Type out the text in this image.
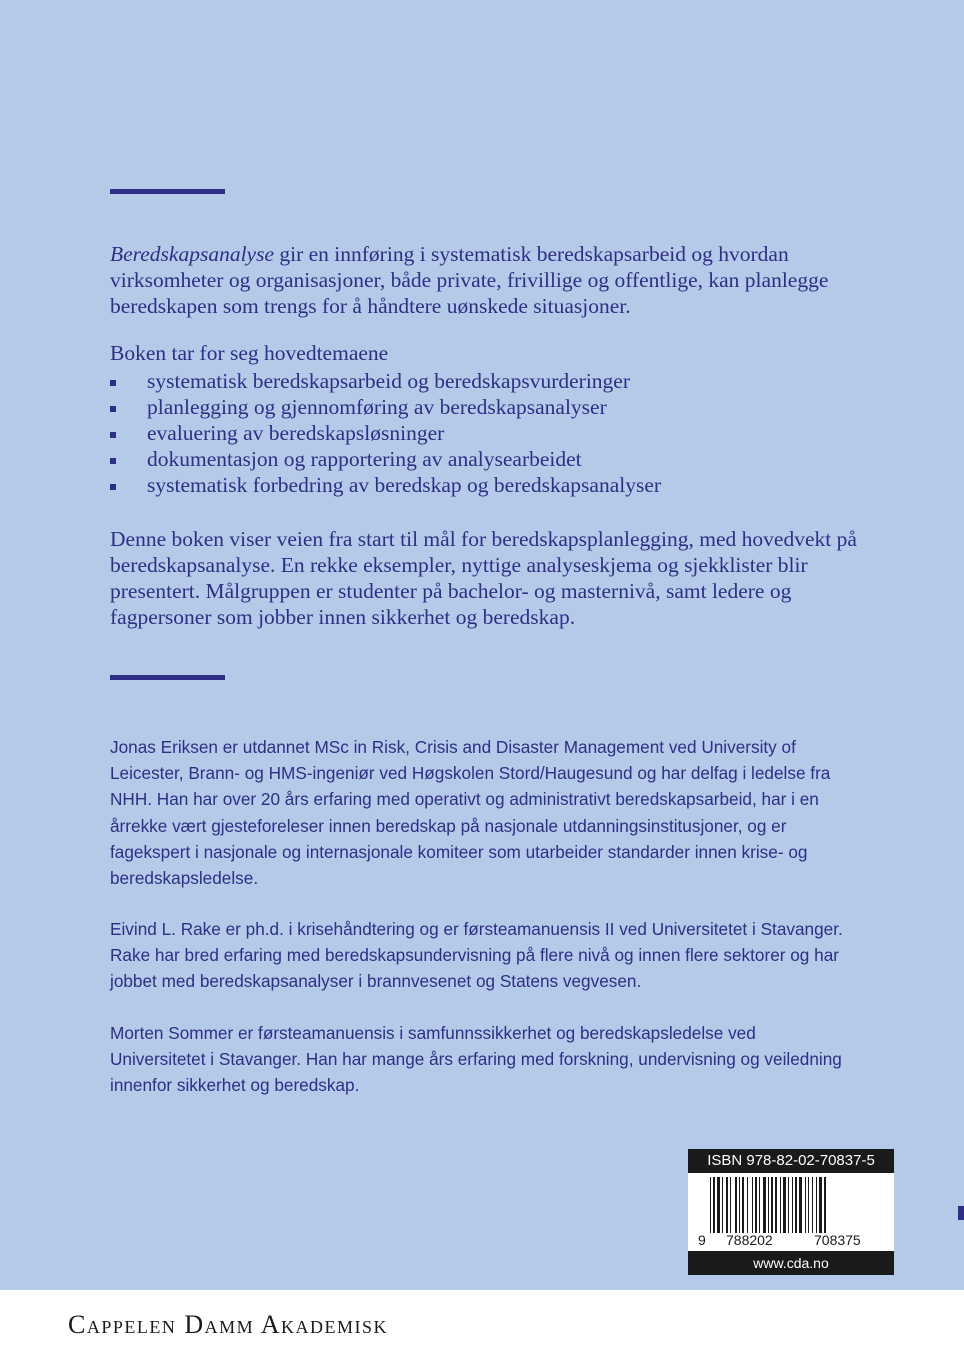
Beredskapsanalyse gir en innføring i systematisk beredskapsarbeid og hvordan virksomheter og organisasjoner, både private, frivillige og offentlige, kan planlegge beredskapen som trengs for å håndtere uønskede situasjoner.

Boken tar for seg hovedtemaene

systematisk beredskapsarbeid og beredskapsvurderinger
planlegging og gjennomføring av beredskapsanalyser
evaluering av beredskapsløsninger
dokumentasjon og rapportering av analysearbeidet
systematisk forbedring av beredskap og beredskapsanalyser

Denne boken viser veien fra start til mål for beredskapsplanlegging, med hovedvekt på beredskapsanalyse. En rekke eksempler, nyttige analyseskjema og sjekklister blir presentert. Målgruppen er studenter på bachelor- og masternivå, samt ledere og fagpersoner som jobber innen sikkerhet og beredskap.

Jonas Eriksen er utdannet MSc in Risk, Crisis and Disaster Management ved University of Leicester, Brann- og HMS-ingeniør ved Høgskolen Stord/Haugesund og har delfag i ledelse fra NHH. Han har over 20 års erfaring med operativt og administrativt beredskapsarbeid, har i en årrekke vært gjesteforeleser innen beredskap på nasjonale utdanningsinstitusjoner, og er fagekspert i nasjonale og internasjonale komiteer som utarbeider standarder innen krise- og beredskapsledelse.

Eivind L. Rake er ph.d. i krisehåndtering og er førsteamanuensis II ved Universitetet i Stavanger. Rake har bred erfaring med beredskapsundervisning på flere nivå og innen flere sektorer og har jobbet med beredskapsanalyser i brannvesenet og Statens vegvesen.

Morten Sommer er førsteamanuensis i samfunnssikkerhet og beredskapsledelse ved Universitetet i Stavanger. Han har mange års erfaring med forskning, undervisning og veiledning innenfor sikkerhet og beredskap.

ISBN 978-82-02-70837-5
9 788202	708375
www.cda.no
Cappelen Damm Akademisk
